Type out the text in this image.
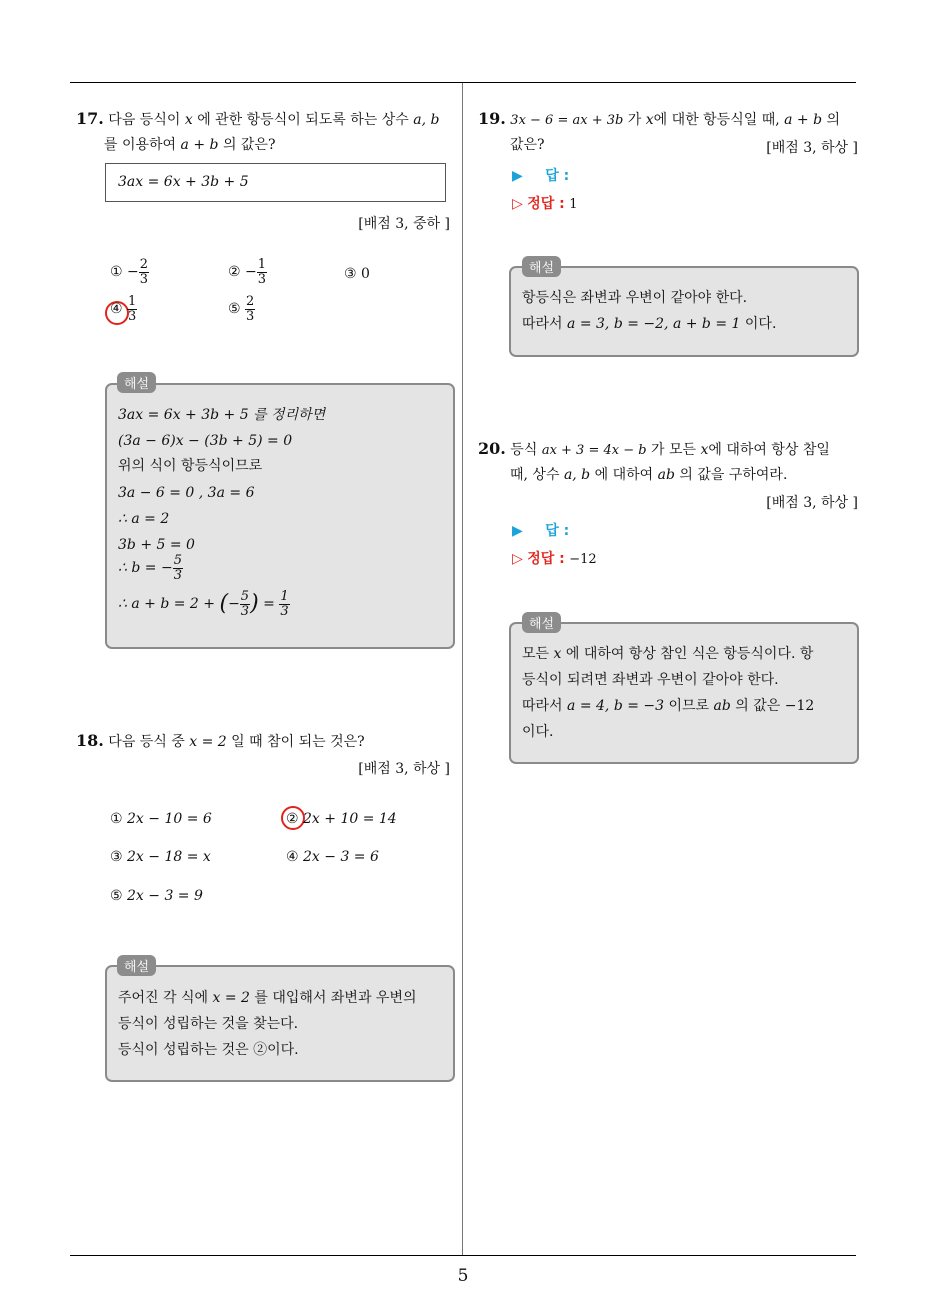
5
17. 다음 등식이 x 에 관한 항등식이 되도록 하는 상수 a, b
를 이용하여 a + b 의 값은?
3ax = 6x + 3b + 5
[배점 3, 중하 ]
① − $\frac{2}{3}$	② − $\frac{1}{3}$	③ 0
④ $\frac{1}{3}$	⑤ $\frac{2}{3}$
해설
3ax = 6x + 3b + 5 를 정리하면
(3a − 6)x − (3b + 5) = 0
위의 식이 항등식이므로
3a − 6 = 0 , 3a = 6
∴ a = 2
3b + 5 = 0
∴ b = − $\frac{5}{3}$
∴ a + b = 2 + (− $\frac{5}{3}$ ) = $\frac{1}{3}$
18. 다음 등식 중 x = 2 일 때 참이 되는 것은?
[배점 3, 하상 ]
① 2x − 10 = 6	② 2x + 10 = 14
③ 2x − 18 = x	④ 2x − 3 = 6
⑤ 2x − 3 = 9
해설
주어진 각 식에 x = 2 를 대입해서 좌변과 우변의
등식이 성립하는 것을 찾는다.
등식이 성립하는 것은 ②이다.
19. 3x − 6 = ax + 3b 가 x에 대한 항등식일 때, a + b 의
값은?	[배점 3, 하상 ]
▶ 답 :
▷ 정답 : 1
해설
항등식은 좌변과 우변이 같아야 한다.
따라서 a = 3, b = −2, a + b = 1 이다.
20. 등식 ax + 3 = 4x − b 가 모든 x에 대하여 항상 참일
때, 상수 a, b 에 대하여 ab 의 값을 구하여라.
[배점 3, 하상 ]
▶ 답 :
▷ 정답 : −12
해설
모든 x 에 대하여 항상 참인 식은 항등식이다. 항
등식이 되려면 좌변과 우변이 같아야 한다.
따라서 a = 4, b = −3 이므로 ab 의 값은 −12
이다.
